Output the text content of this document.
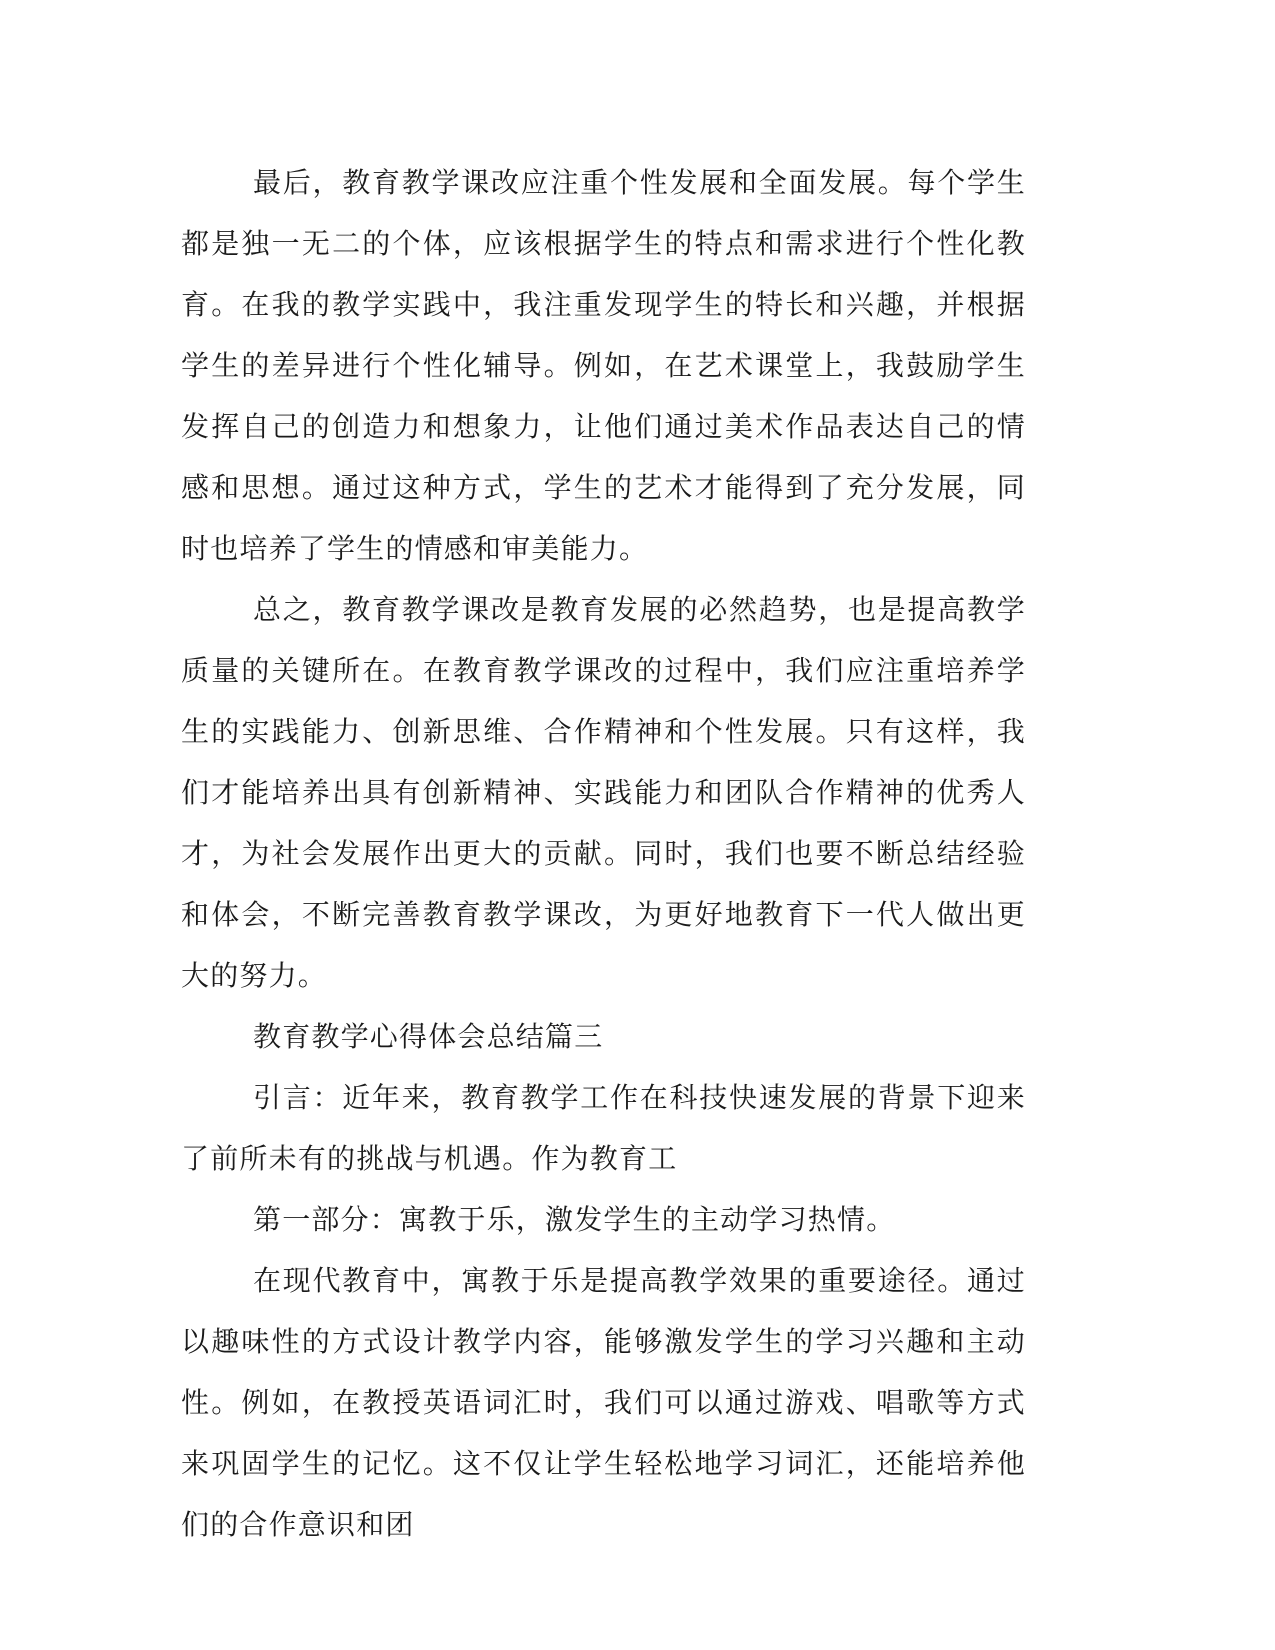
最后，教育教学课改应注重个性发展和全面发展。每个学生都是独一无二的个体，应该根据学生的特点和需求进行个性化教育。在我的教学实践中，我注重发现学生的特长和兴趣，并根据学生的差异进行个性化辅导。例如，在艺术课堂上，我鼓励学生发挥自己的创造力和想象力，让他们通过美术作品表达自己的情感和思想。通过这种方式，学生的艺术才能得到了充分发展，同时也培养了学生的情感和审美能力。

总之，教育教学课改是教育发展的必然趋势，也是提高教学质量的关键所在。在教育教学课改的过程中，我们应注重培养学生的实践能力、创新思维、合作精神和个性发展。只有这样，我们才能培养出具有创新精神、实践能力和团队合作精神的优秀人才，为社会发展作出更大的贡献。同时，我们也要不断总结经验和体会，不断完善教育教学课改，为更好地教育下一代人做出更大的努力。

教育教学心得体会总结篇三

引言：近年来，教育教学工作在科技快速发展的背景下迎来了前所未有的挑战与机遇。作为教育工

第一部分：寓教于乐，激发学生的主动学习热情。

在现代教育中，寓教于乐是提高教学效果的重要途径。通过以趣味性的方式设计教学内容，能够激发学生的学习兴趣和主动性。例如，在教授英语词汇时，我们可以通过游戏、唱歌等方式来巩固学生的记忆。这不仅让学生轻松地学习词汇，还能培养他们的合作意识和团
